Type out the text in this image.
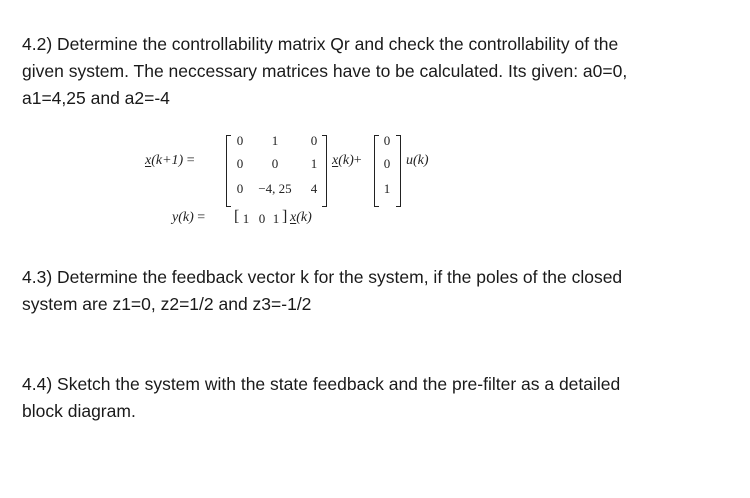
4.2) Determine the controllability matrix Qr and check the controllability of the
given system. The neccessary matrices have to be calculated. Its given: a0=0,
a1=4,25 and a2=-4
x(k+1) =
0	1	0
0	0	1
0	−4, 25	4
x(k)+
0
0
1
u(k)
y(k) = [ 1 0 1 ] x(k)
4.3) Determine the feedback vector k for the system, if the poles of the closed
system are z1=0, z2=1/2 and z3=-1/2
4.4) Sketch the system with the state feedback and the pre-filter as a detailed
block diagram.
